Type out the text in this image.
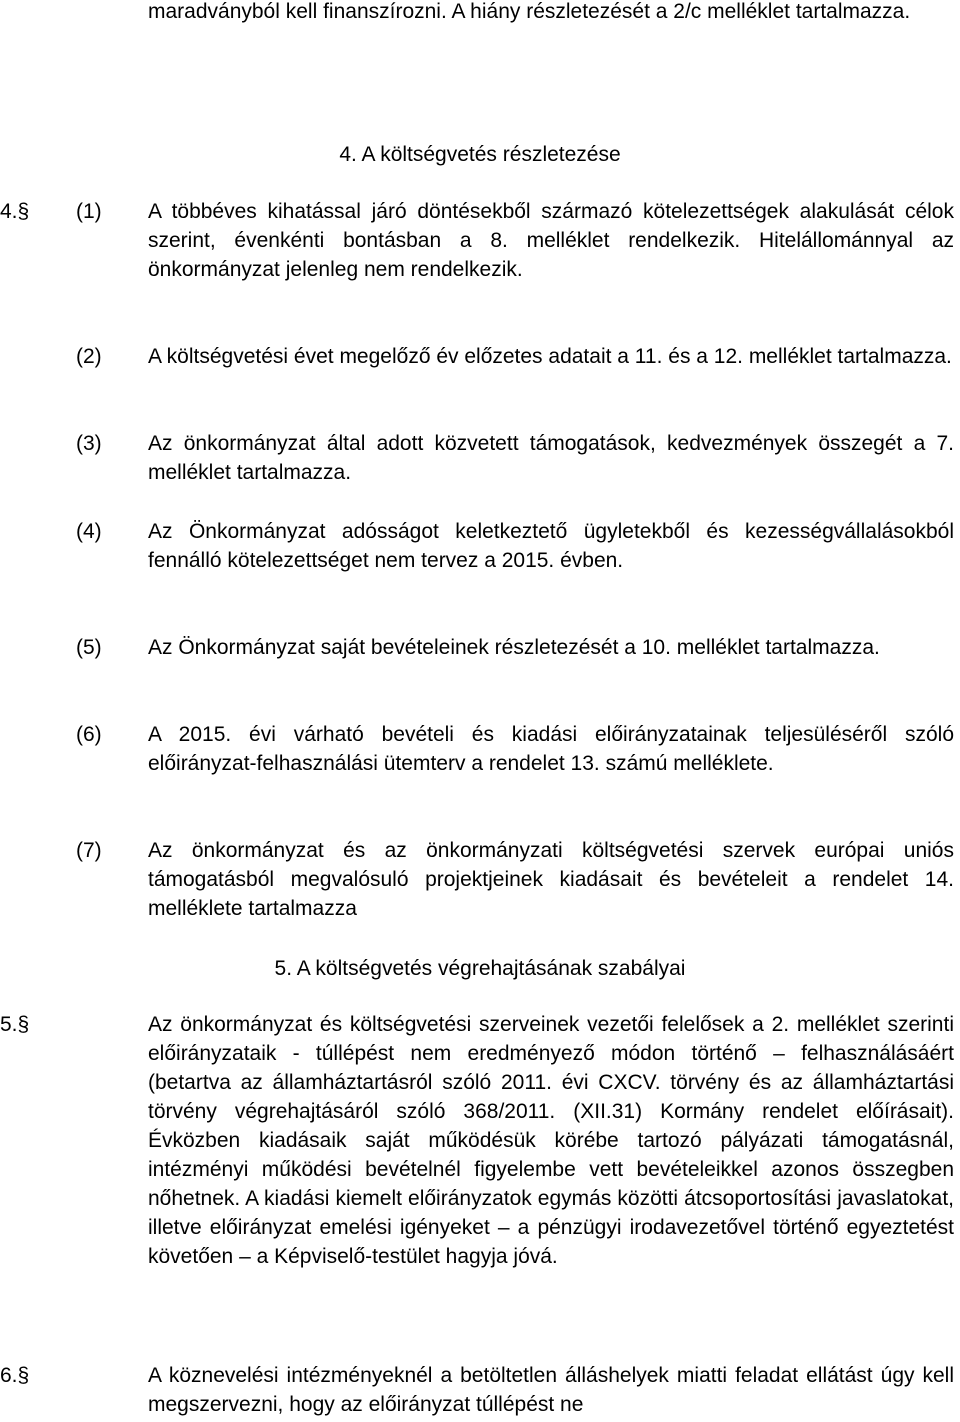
maradványból kell finanszírozni. A hiány részletezését a 2/c melléklet tartalmazza.
4. A költségvetés részletezése
4.§ (1) A többéves kihatással járó döntésekből származó kötelezettségek alakulását célok szerint, évenkénti bontásban a 8. melléklet rendelkezik. Hitelállománnyal az önkormányzat jelenleg nem rendelkezik.
(2) A költségvetési évet megelőző év előzetes adatait a 11. és a 12. melléklet tartalmazza.
(3) Az önkormányzat által adott közvetett támogatások, kedvezmények összegét a 7. melléklet tartalmazza.
(4) Az Önkormányzat adósságot keletkeztető ügyletekből és kezességvállalásokból fennálló kötelezettséget nem tervez a 2015. évben.
(5) Az Önkormányzat saját bevételeinek részletezését a 10. melléklet tartalmazza.
(6) A 2015. évi várható bevételi és kiadási előirányzatainak teljesüléséről szóló előirányzat-felhasználási ütemterv a rendelet 13. számú melléklete.
(7) Az önkormányzat és az önkormányzati költségvetési szervek európai uniós támogatásból megvalósuló projektjeinek kiadásait és bevételeit a rendelet 14. melléklete tartalmazza
5. A költségvetés végrehajtásának szabályai
5.§	Az önkormányzat és költségvetési szerveinek vezetői felelősek a 2. melléklet szerinti előirányzataik - túllépést nem eredményező módon történő – felhasználásáért (betartva az államháztartásról szóló 2011. évi CXCV. törvény és az államháztartási törvény végrehajtásáról szóló 368/2011. (XII.31) Kormány rendelet előírásait). Évközben kiadásaik saját működésük körébe tartozó pályázati támogatásnál, intézményi működési bevételnél figyelembe vett bevételeikkel azonos összegben nőhetnek. A kiadási kiemelt előirányzatok egymás közötti átcsoportosítási javaslatokat, illetve előirányzat emelési igényeket – a pénzügyi irodavezetővel történő egyeztetést követően – a Képviselő-testület hagyja jóvá.
6.§	A köznevelési intézményeknél a betöltetlen álláshelyek miatti feladat ellátást úgy kell megszervezni, hogy az előirányzat túllépést ne
